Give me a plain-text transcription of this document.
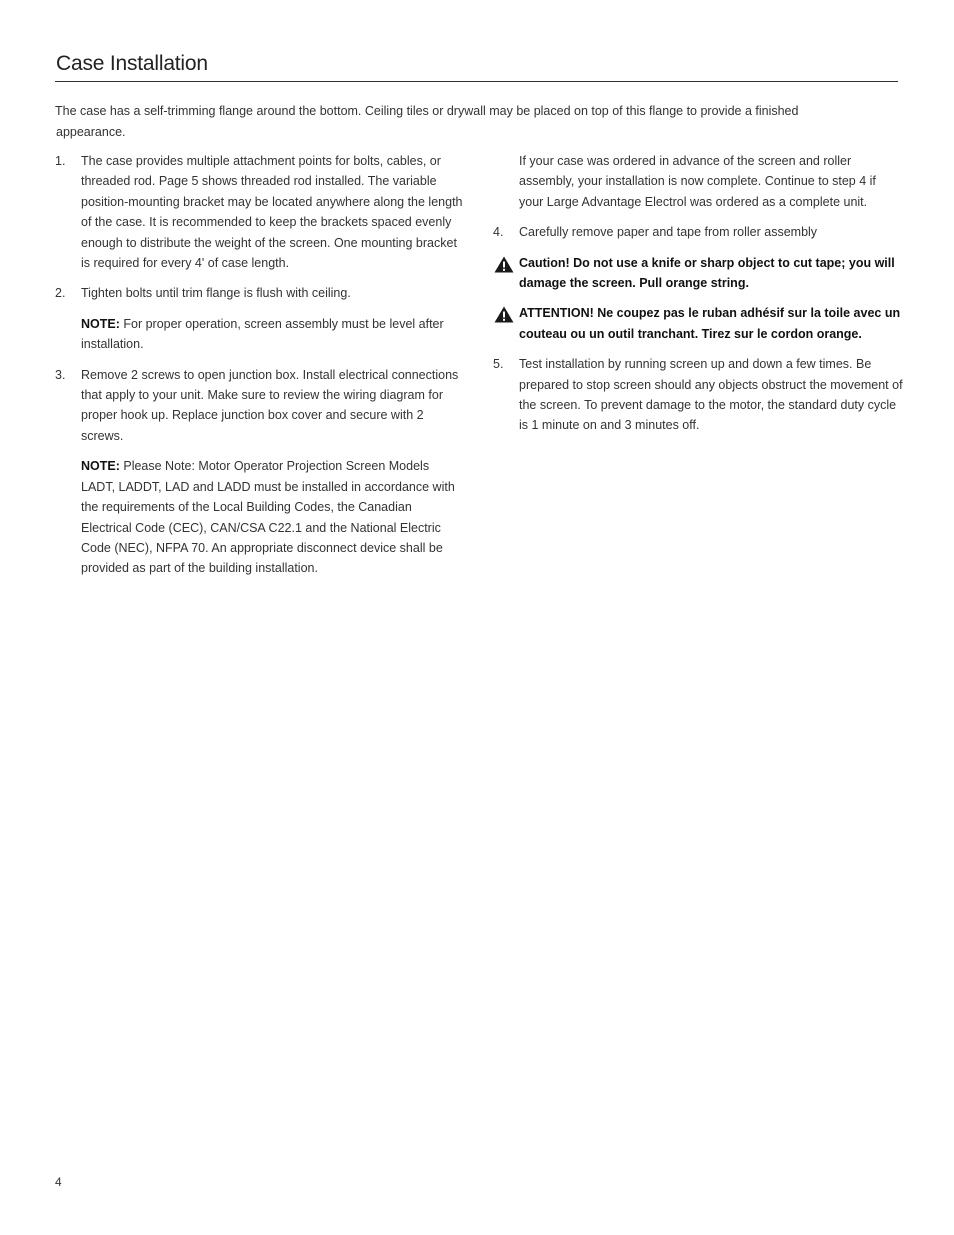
Case Installation

The case has a self-trimming flange around the bottom. Ceiling tiles or drywall may be placed on top of this flange to provide a finished
appearance.

1. The case provides multiple attachment points for bolts, cables, or threaded rod. Page 5 shows threaded rod installed. The variable position-mounting bracket may be located anywhere along the length of the case. It is recommended to keep the brackets spaced evenly enough to distribute the weight of the screen. One mounting bracket is required for every 4' of case length.
2. Tighten bolts until trim flange is flush with ceiling.
NOTE: For proper operation, screen assembly must be level after installation.
3. Remove 2 screws to open junction box. Install electrical connections that apply to your unit. Make sure to review the wiring diagram for proper hook up. Replace junction box cover and secure with 2 screws.
NOTE: Please Note: Motor Operator Projection Screen Models LADT, LADDT, LAD and LADD must be installed in accordance with the requirements of the Local Building Codes, the Canadian Electrical Code (CEC), CAN/CSA C22.1 and the National Electric Code (NEC), NFPA 70. An appropriate disconnect device shall be provided as part of the building installation.
If your case was ordered in advance of the screen and roller assembly, your installation is now complete. Continue to step 4 if your Large Advantage Electrol was ordered as a complete unit.
4. Carefully remove paper and tape from roller assembly
Caution! Do not use a knife or sharp object to cut tape; you will damage the screen. Pull orange string.
ATTENTION! Ne coupez pas le ruban adhésif sur la toile avec un couteau ou un outil tranchant. Tirez sur le cordon orange.
5. Test installation by running screen up and down a few times. Be prepared to stop screen should any objects obstruct the movement of the screen. To prevent damage to the motor, the standard duty cycle is 1 minute on and 3 minutes off.
4
